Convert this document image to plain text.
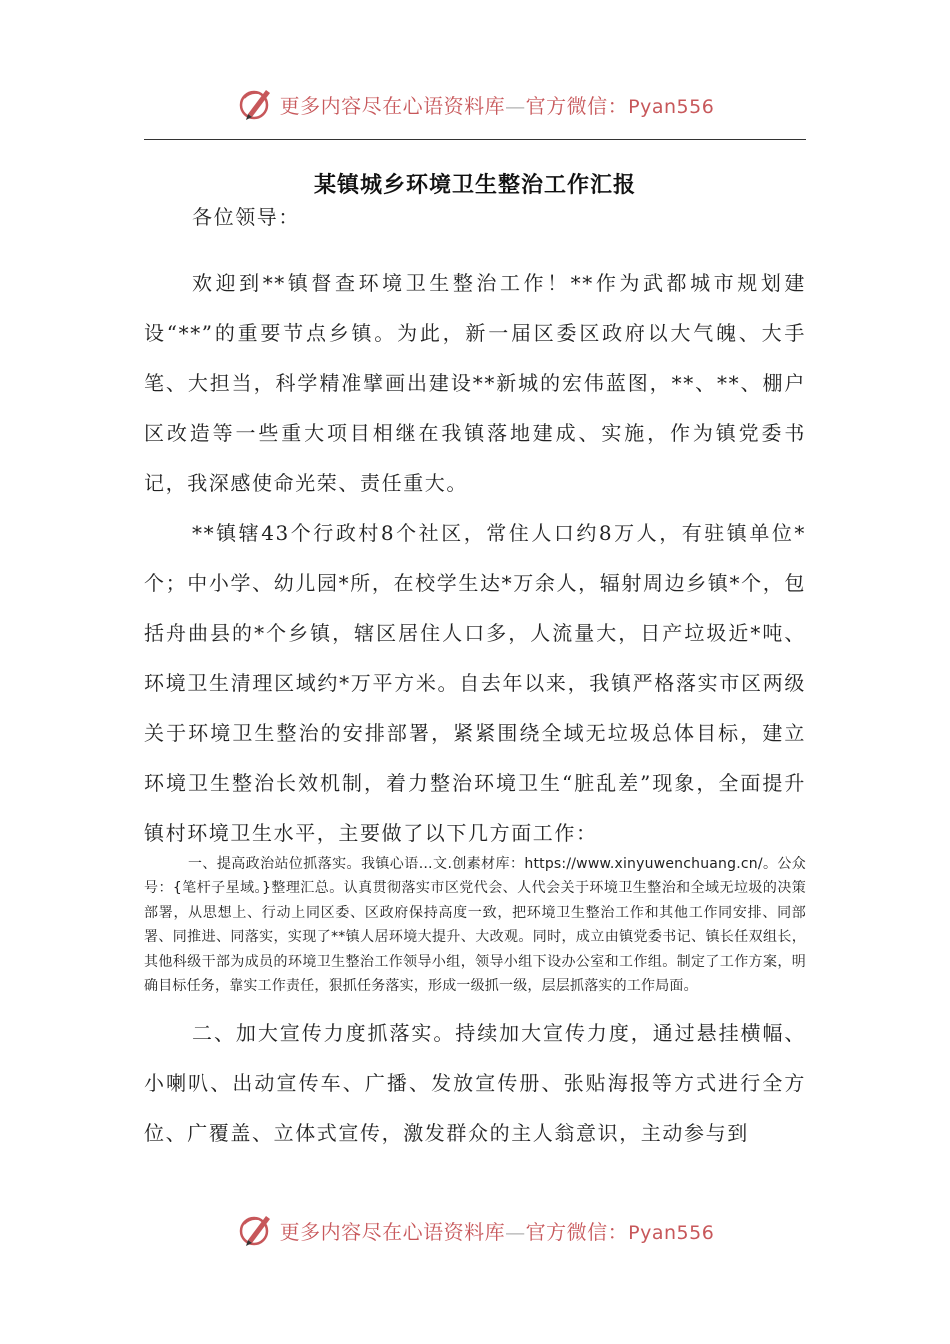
更多内容尽在心语资料库—官方微信：Pyan556
某镇城乡环境卫生整治工作汇报

各位领导：

欢迎到**镇督查环境卫生整治工作！**作为武都城市规划建设“**”的重要节点乡镇。为此，新一届区委区政府以大气魄、大手笔、大担当，科学精准擘画出建设**新城的宏伟蓝图，**、**、棚户区改造等一些重大项目相继在我镇落地建成、实施，作为镇党委书记，我深感使命光荣、责任重大。

**镇辖43个行政村8个社区，常住人口约8万人，有驻镇单位*个；中小学、幼儿园*所，在校学生达*万余人，辐射周边乡镇*个，包括舟曲县的*个乡镇，辖区居住人口多，人流量大，日产垃圾近*吨、环境卫生清理区域约*万平方米。自去年以来，我镇严格落实市区两级关于环境卫生整治的安排部署，紧紧围绕全域无垃圾总体目标，建立环境卫生整治长效机制，着力整治环境卫生“脏乱差”现象，全面提升镇村环境卫生水平，主要做了以下几方面工作：

一、提高政治站位抓落实。我镇心语…文.创素材库：https://www.xinyuwenchuang.cn/。公众号：{笔杆子星域。}整理汇总。认真贯彻落实市区党代会、人代会关于环境卫生整治和全域无垃圾的决策部署，从思想上、行动上同区委、区政府保持高度一致，把环境卫生整治工作和其他工作同安排、同部署、同推进、同落实，实现了**镇人居环境大提升、大改观。同时，成立由镇党委书记、镇长任双组长，其他科级干部为成员的环境卫生整治工作领导小组，领导小组下设办公室和工作组。制定了工作方案，明确目标任务，靠实工作责任，狠抓任务落实，形成一级抓一级，层层抓落实的工作局面。

二、加大宣传力度抓落实。持续加大宣传力度，通过悬挂横幅、小喇叭、出动宣传车、广播、发放宣传册、张贴海报等方式进行全方位、广覆盖、立体式宣传，激发群众的主人翁意识，主动参与到

更多内容尽在心语资料库—官方微信：Pyan556
